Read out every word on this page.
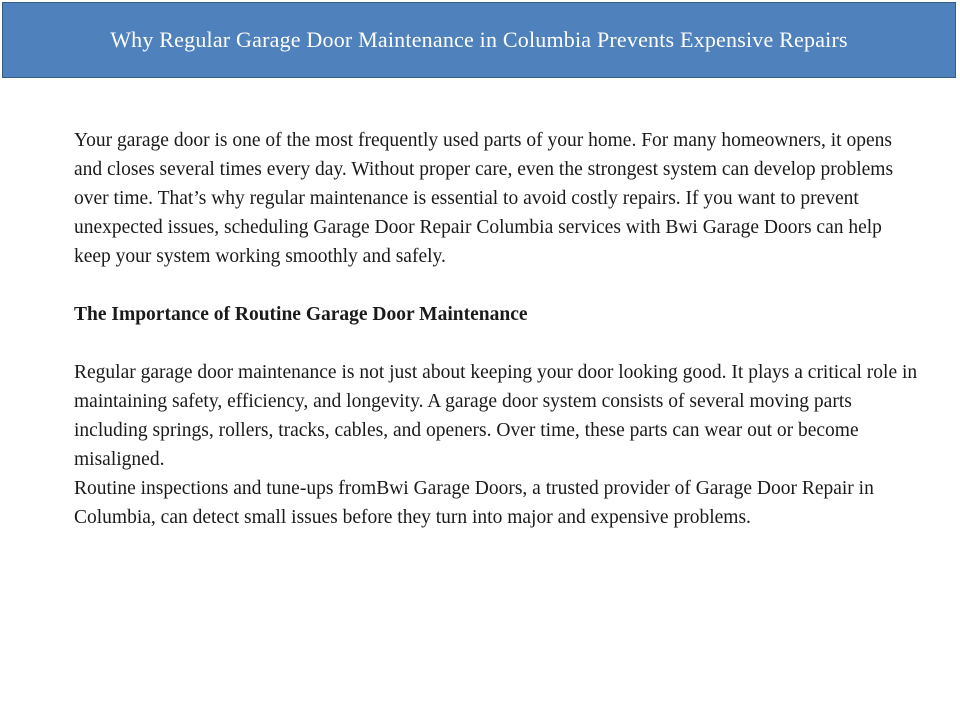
Why Regular Garage Door Maintenance in Columbia Prevents Expensive Repairs

Your garage door is one of the most frequently used parts of your home. For many homeowners, it opens and closes several times every day. Without proper care, even the strongest system can develop problems over time. That’s why regular maintenance is essential to avoid costly repairs. If you want to prevent unexpected issues, scheduling Garage Door Repair Columbia services with Bwi Garage Doors can help keep your system working smoothly and safely.

The Importance of Routine Garage Door Maintenance

Regular garage door maintenance is not just about keeping your door looking good. It plays a critical role in maintaining safety, efficiency, and longevity. A garage door system consists of several moving parts including springs, rollers, tracks, cables, and openers. Over time, these parts can wear out or become misaligned.

Routine inspections and tune-ups fromBwi Garage Doors, a trusted provider of Garage Door Repair in Columbia, can detect small issues before they turn into major and expensive problems.
